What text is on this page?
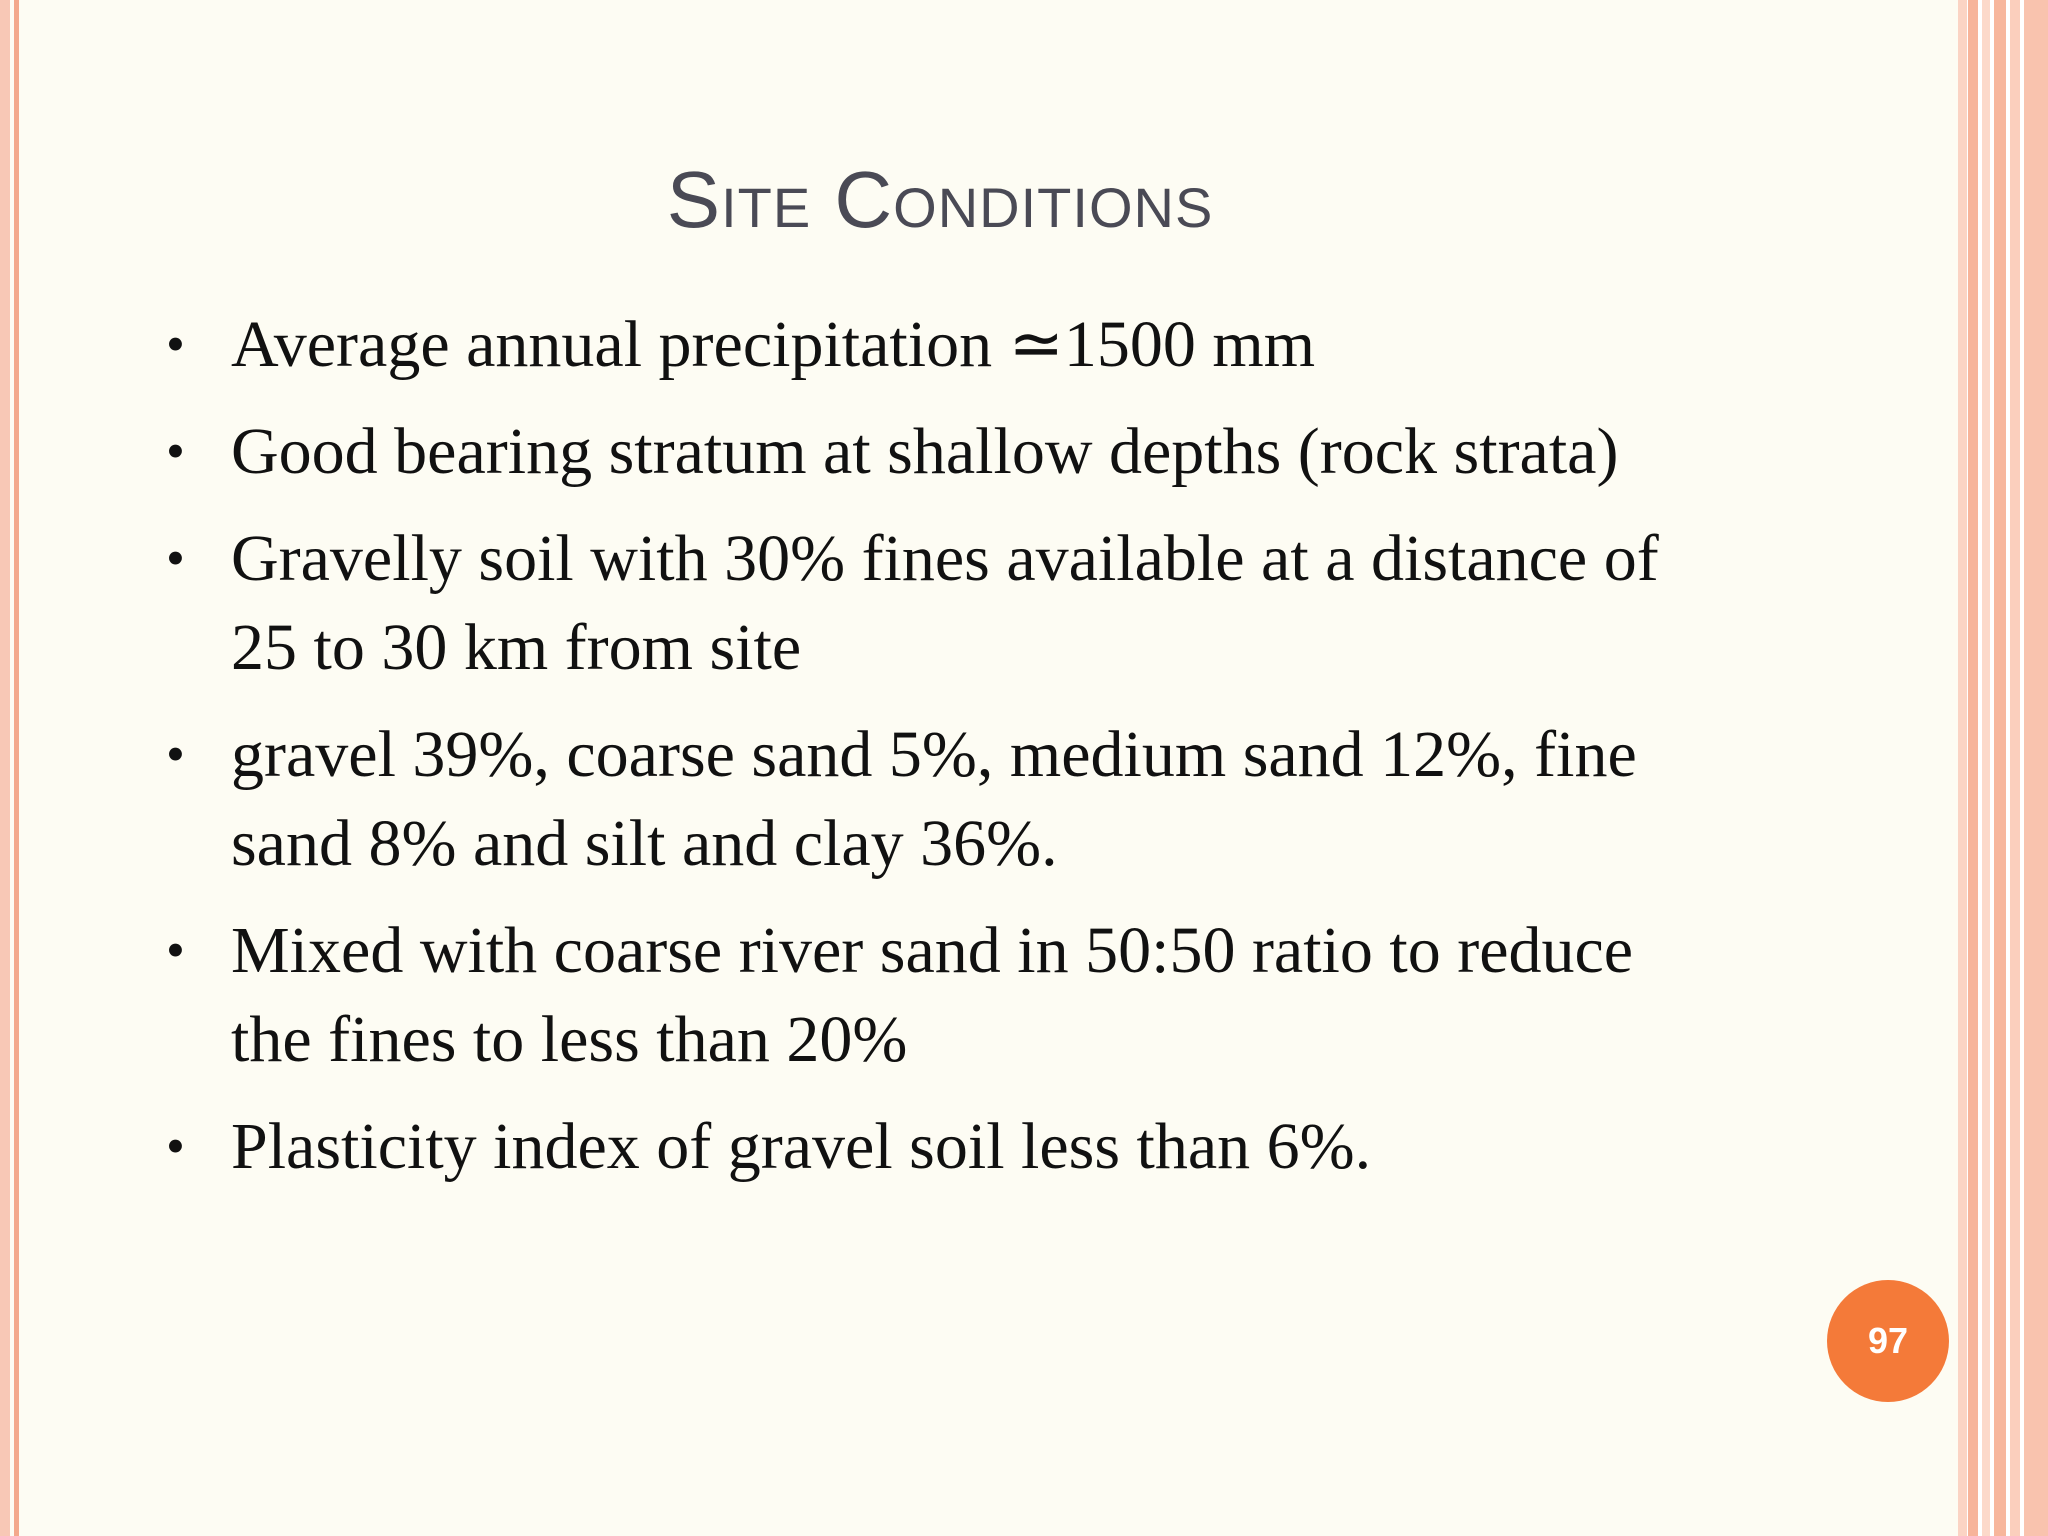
Site Conditions
• Average annual precipitation ≃1500 mm
• Good bearing stratum at shallow depths (rock strata)
• Gravelly soil with 30% fines available at a distance of 25 to 30 km from site
• gravel 39%, coarse sand 5%, medium sand 12%, fine sand 8% and silt and clay 36%.
• Mixed with coarse river sand in 50:50 ratio to reduce the fines to less than 20%
• Plasticity index of gravel soil less than 6%.
97
